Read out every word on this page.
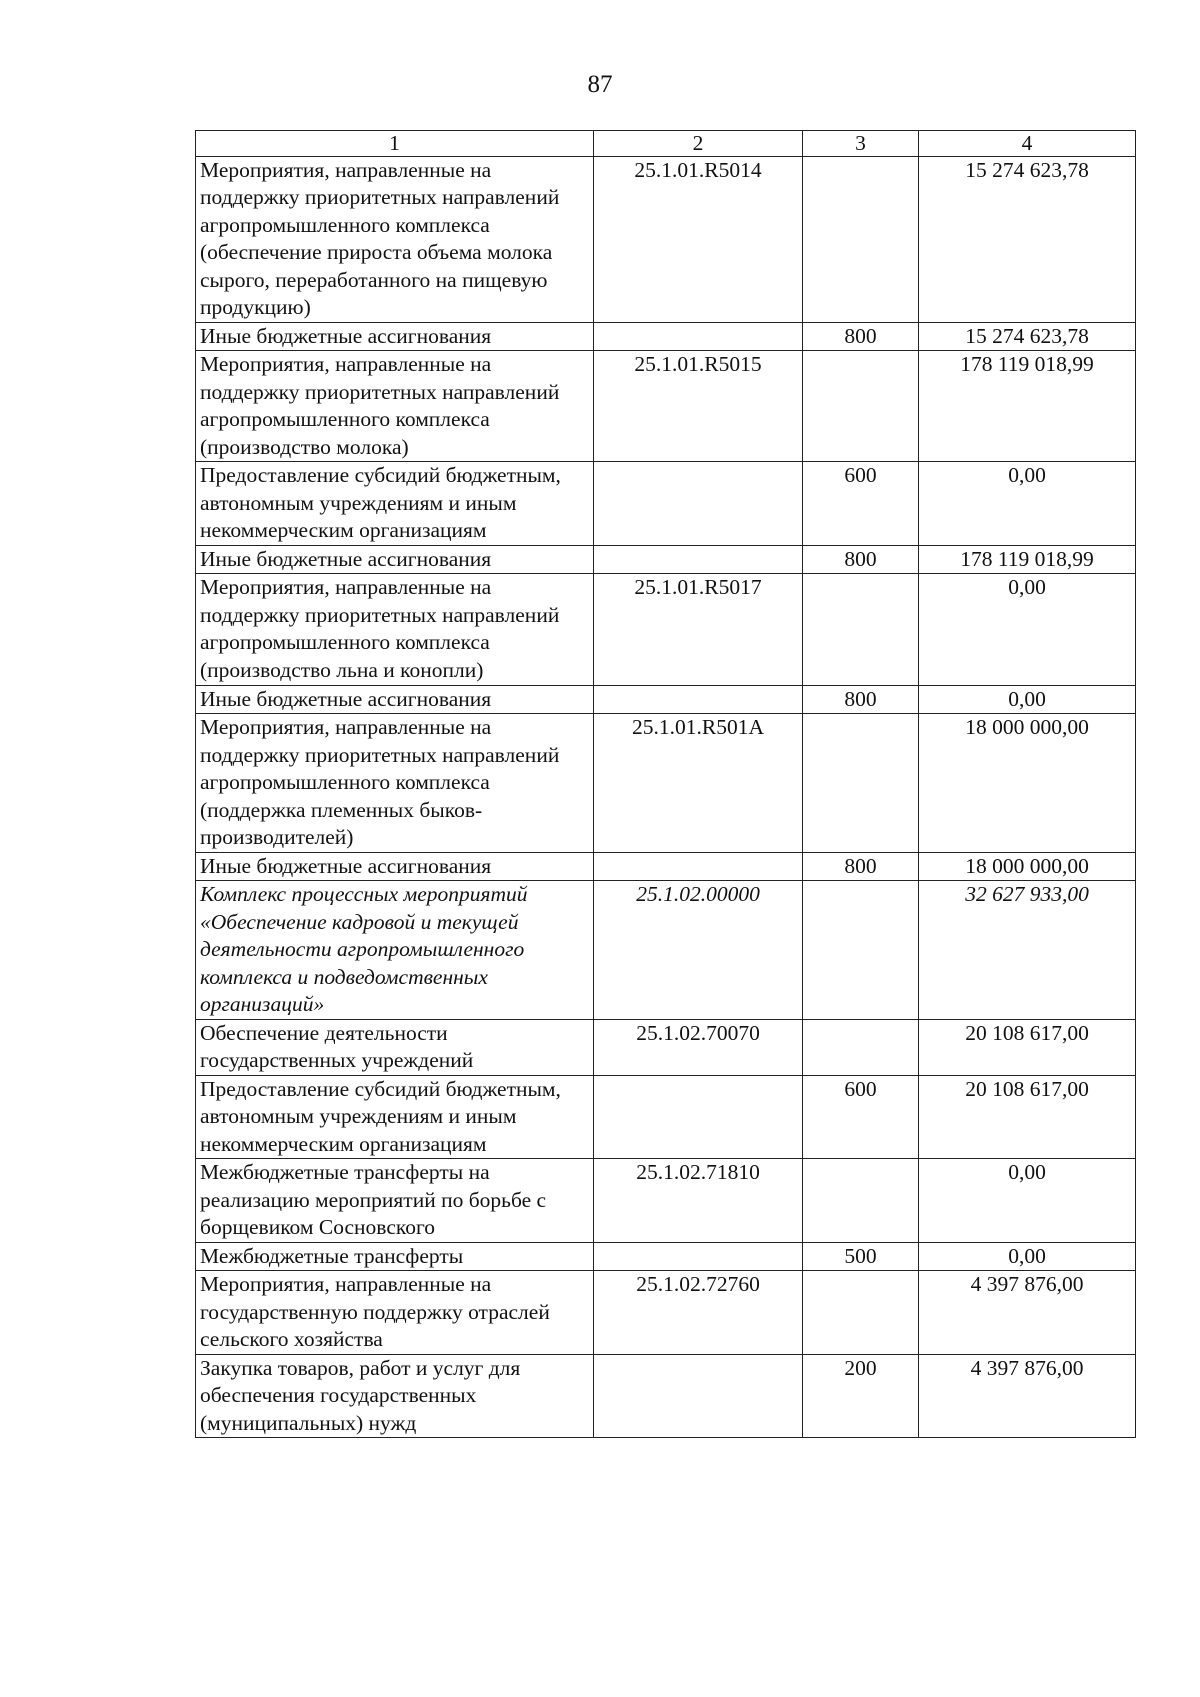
87
1	2	3	4
Мероприятия, направленные на поддержку приоритетных направлений агропромышленного комплекса (обеспечение прироста объема молока сырого, переработанного на пищевую продукцию)	25.1.01.R5014		15 274 623,78
Иные бюджетные ассигнования		800	15 274 623,78
Мероприятия, направленные на поддержку приоритетных направлений агропромышленного комплекса (производство молока)	25.1.01.R5015		178 119 018,99
Предоставление субсидий бюджетным, автономным учреждениям и иным некоммерческим организациям		600	0,00
Иные бюджетные ассигнования		800	178 119 018,99
Мероприятия, направленные на поддержку приоритетных направлений агропромышленного комплекса (производство льна и конопли)	25.1.01.R5017		0,00
Иные бюджетные ассигнования		800	0,00
Мероприятия, направленные на поддержку приоритетных направлений агропромышленного комплекса (поддержка племенных быков-производителей)	25.1.01.R501A		18 000 000,00
Иные бюджетные ассигнования		800	18 000 000,00
Комплекс процессных мероприятий «Обеспечение кадровой и текущей деятельности агропромышленного комплекса и подведомственных организаций»	25.1.02.00000		32 627 933,00
Обеспечение деятельности государственных учреждений	25.1.02.70070		20 108 617,00
Предоставление субсидий бюджетным, автономным учреждениям и иным некоммерческим организациям		600	20 108 617,00
Межбюджетные трансферты на реализацию мероприятий по борьбе с борщевиком Сосновского	25.1.02.71810		0,00
Межбюджетные трансферты		500	0,00
Мероприятия, направленные на государственную поддержку отраслей сельского хозяйства	25.1.02.72760		4 397 876,00
Закупка товаров, работ и услуг для обеспечения государственных (муниципальных) нужд		200	4 397 876,00
